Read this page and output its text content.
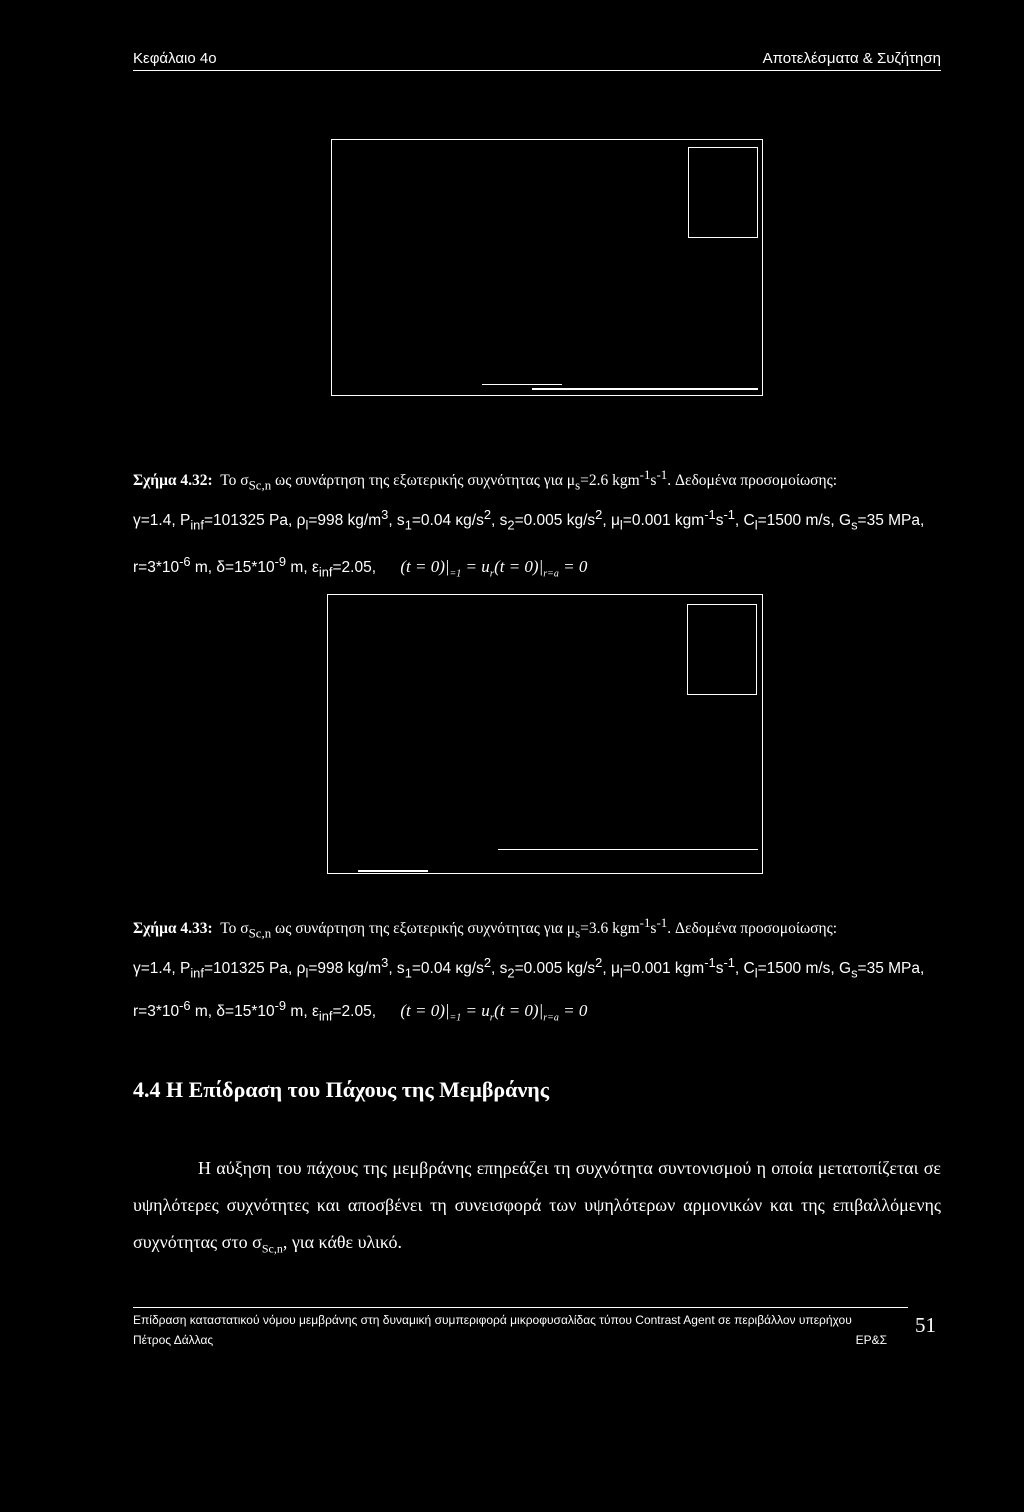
Κεφάλαιο 4ο	Αποτελέσματα & Συζήτηση
Σχήμα 4.32: Το $\sigma_{Sc,n}$ ως συνάρτηση της εξωτερικής συχνότητας για $\mu_s=2.6$ $kgm^{-1}s^{-1}$. Δεδομένα προσομοίωσης:
γ=1.4, $P_{inf}=101325$ Pa, $\rho_l=998$ $kg/m^3$, $s_1=0.04$ $\kappa g/s^2$, $s_2=0.005$ $kg/s^2$, $\mu_l=0.001$ $kgm^{-1}s^{-1}$, $C_l=1500$ m/s, $G_s=35$ MPa,
$r=3*10^{-6}$ m, $\delta=15*10^{-9}$ m, $\varepsilon_{inf}=2.05$, $(t = 0)|_{=1} = u_r(t = 0)|_{r=a} = 0$
Σχήμα 4.33: Το $\sigma_{Sc,n}$ ως συνάρτηση της εξωτερικής συχνότητας για $\mu_s=3.6$ $kgm^{-1}s^{-1}$. Δεδομένα προσομοίωσης:
γ=1.4, $P_{inf}=101325$ Pa, $\rho_l=998$ $kg/m^3$, $s_1=0.04$ $\kappa g/s^2$, $s_2=0.005$ $kg/s^2$, $\mu_l=0.001$ $kgm^{-1}s^{-1}$, $C_l=1500$ m/s, $G_s=35$ MPa,
$r=3*10^{-6}$ m, $\delta=15*10^{-9}$ m, $\varepsilon_{inf}=2.05$, $(t = 0)|_{=1} = u_r(t = 0)|_{r=a} = 0$
4.4 Η Επίδραση του Πάχους της Μεμβράνης
Η αύξηση του πάχους της μεμβράνης επηρεάζει τη συχνότητα συντονισμού η οποία μετατοπίζεται σε υψηλότερες συχνότητες και αποσβένει τη συνεισφορά των υψηλότερων αρμονικών και της επιβαλλόμενης συχνότητας στο $\sigma_{Sc,n}$, για κάθε υλικό.
Επίδραση καταστατικού νόμου μεμβράνης στη δυναμική συμπεριφορά μικροφυσαλίδας τύπου Contrast Agent σε περιβάλλον υπερήχου
Πέτρος Δάλλας	ΕΡ&Σ
51
